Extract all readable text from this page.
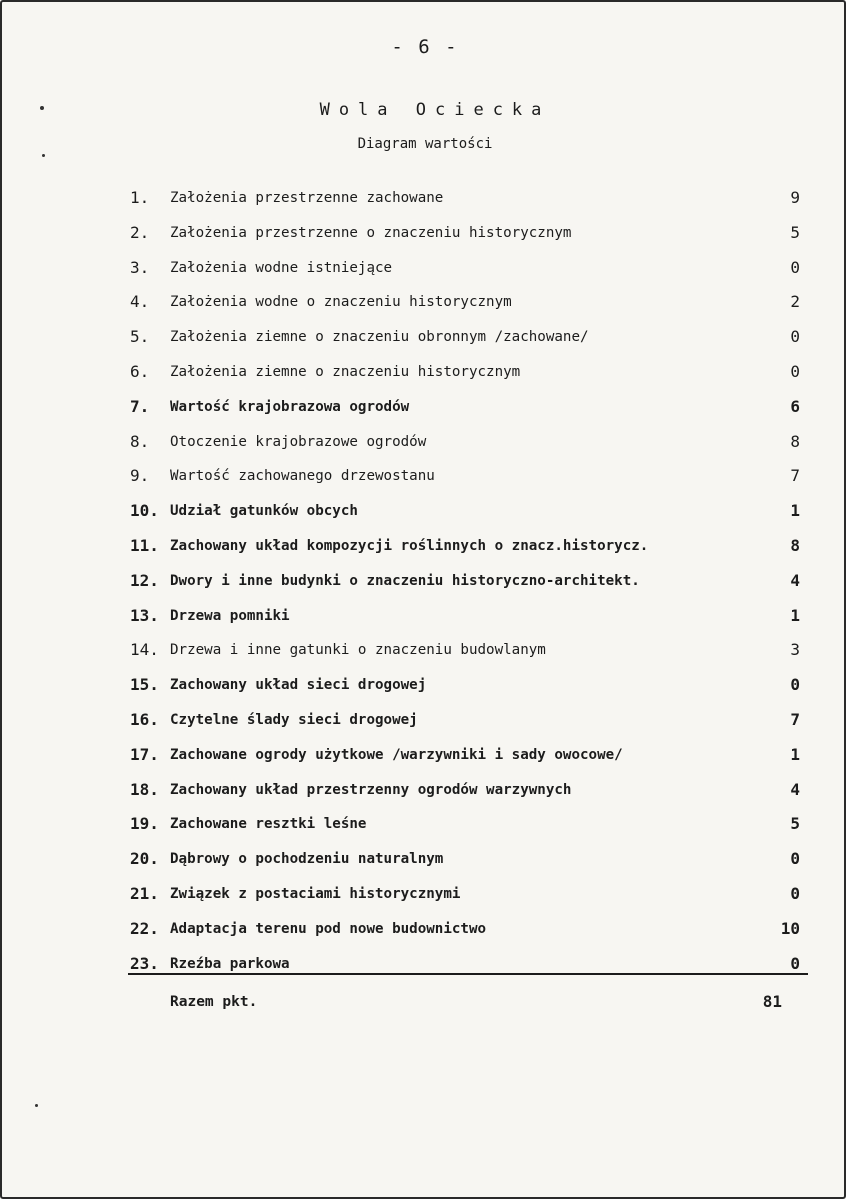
- 6 -
Wola Ociecka
Diagram wartości
1.	Założenia przestrzenne zachowane	9
2.	Założenia przestrzenne o znaczeniu historycznym	5
3.	Założenia wodne istniejące	0
4.	Założenia wodne o znaczeniu historycznym	2
5.	Założenia ziemne o znaczeniu obronnym /zachowane/	0
6.	Założenia ziemne o znaczeniu historycznym	0
7.	Wartość krajobrazowa ogrodów	6
8.	Otoczenie krajobrazowe ogrodów	8
9.	Wartość zachowanego drzewostanu	7
10. Udział gatunków obcych	1
11. Zachowany układ kompozycji roślinnych o znacz.historycz.	8
12. Dwory i inne budynki o znaczeniu historyczno-architekt.	4
13. Drzewa pomniki	1
14. Drzewa i inne gatunki o znaczeniu budowlanym	3
15. Zachowany układ sieci drogowej	0
16. Czytelne ślady sieci drogowej	7
17. Zachowane ogrody użytkowe /warzywniki i sady owocowe/	1
18. Zachowany układ przestrzenny ogrodów warzywnych	4
19. Zachowane resztki leśne	5
20. Dąbrowy o pochodzeniu naturalnym	0
21. Związek z postaciami historycznymi	0
22. Adaptacja terenu pod nowe budownictwo	10
23. Rzeźba parkowa	0
Razem pkt.	81
